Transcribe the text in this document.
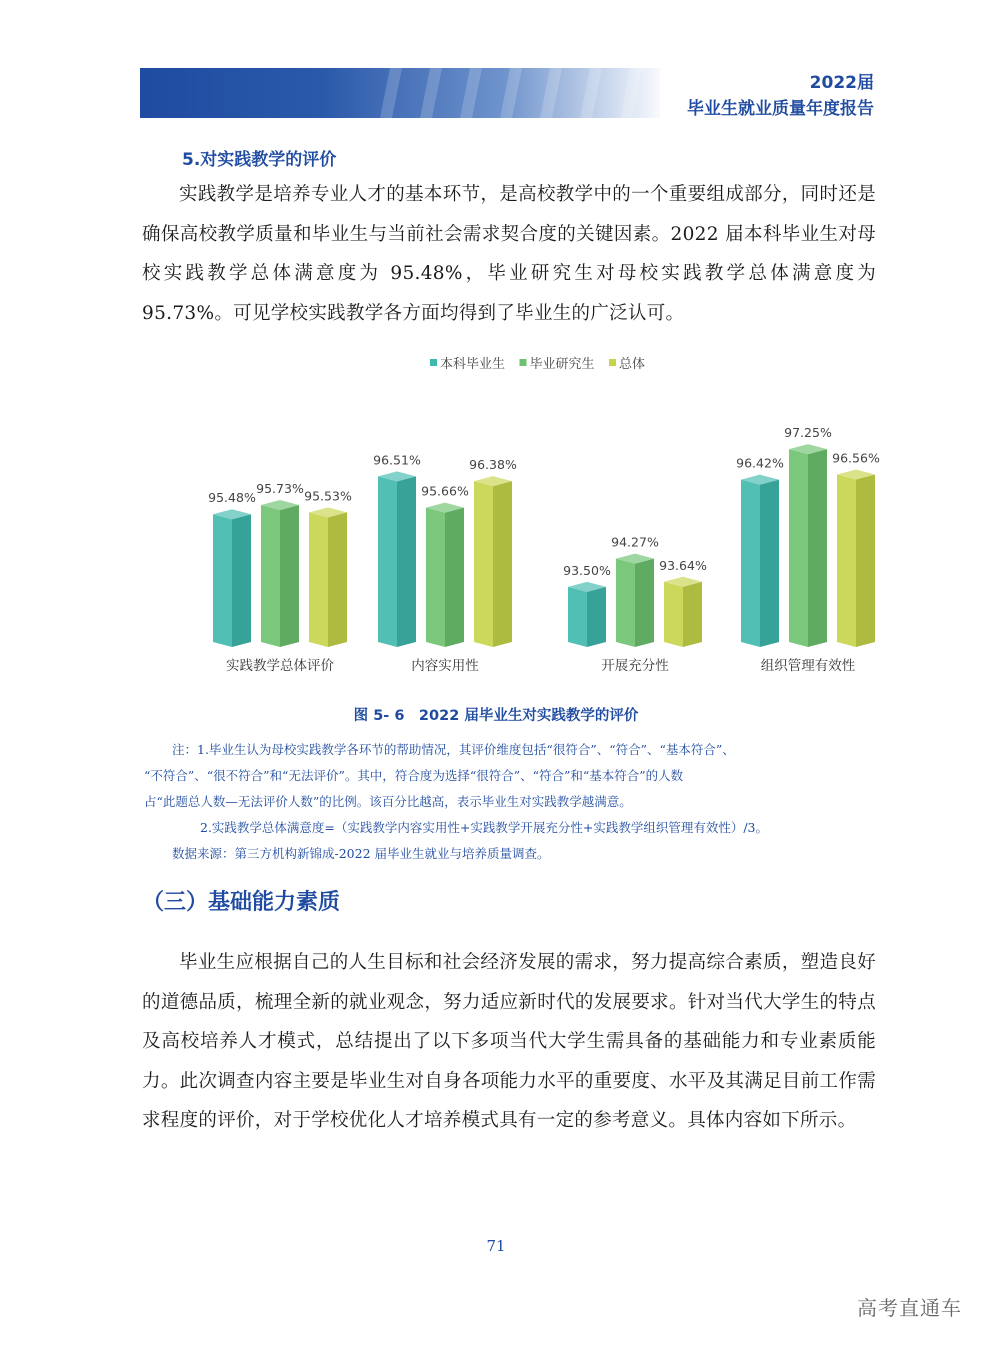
2022届
毕业生就业质量年度报告
5.对实践教学的评价
实践教学是培养专业人才的基本环节，是高校教学中的一个重要组成部分，同时还是确保高校教学质量和毕业生与当前社会需求契合度的关键因素。2022 届本科毕业生对母校实践教学总体满意度为 95.48%，毕业研究生对母校实践教学总体满意度为 95.73%。可见学校实践教学各方面均得到了毕业生的广泛认可。
本科毕业生 毕业研究生 总体
95.48%
95.73% 95.53%
96.51%
95.66%
96.38%
93.50%
94.27%
93.64%
96.42%
97.25%
96.56%
实践教学总体评价	内容实用性	开展充分性	组织管理有效性
图 5- 6　2022 届毕业生对实践教学的评价
注：1.毕业生认为母校实践教学各环节的帮助情况，其评价维度包括“很符合”、“符合”、“基本符合”、
“不符合”、“很不符合”和“无法评价”。其中，符合度为选择“很符合”、“符合”和“基本符合”的人数
占“此题总人数—无法评价人数”的比例。该百分比越高，表示毕业生对实践教学越满意。
2.实践教学总体满意度=（实践教学内容实用性+实践教学开展充分性+实践教学组织管理有效性）/3。
数据来源：第三方机构新锦成-2022 届毕业生就业与培养质量调查。
（三）基础能力素质
毕业生应根据自己的人生目标和社会经济发展的需求，努力提高综合素质，塑造良好的道德品质，梳理全新的就业观念，努力适应新时代的发展要求。针对当代大学生的特点及高校培养人才模式，总结提出了以下多项当代大学生需具备的基础能力和专业素质能力。此次调查内容主要是毕业生对自身各项能力水平的重要度、水平及其满足目前工作需求程度的评价，对于学校优化人才培养模式具有一定的参考意义。具体内容如下所示。
71
高考直通车
